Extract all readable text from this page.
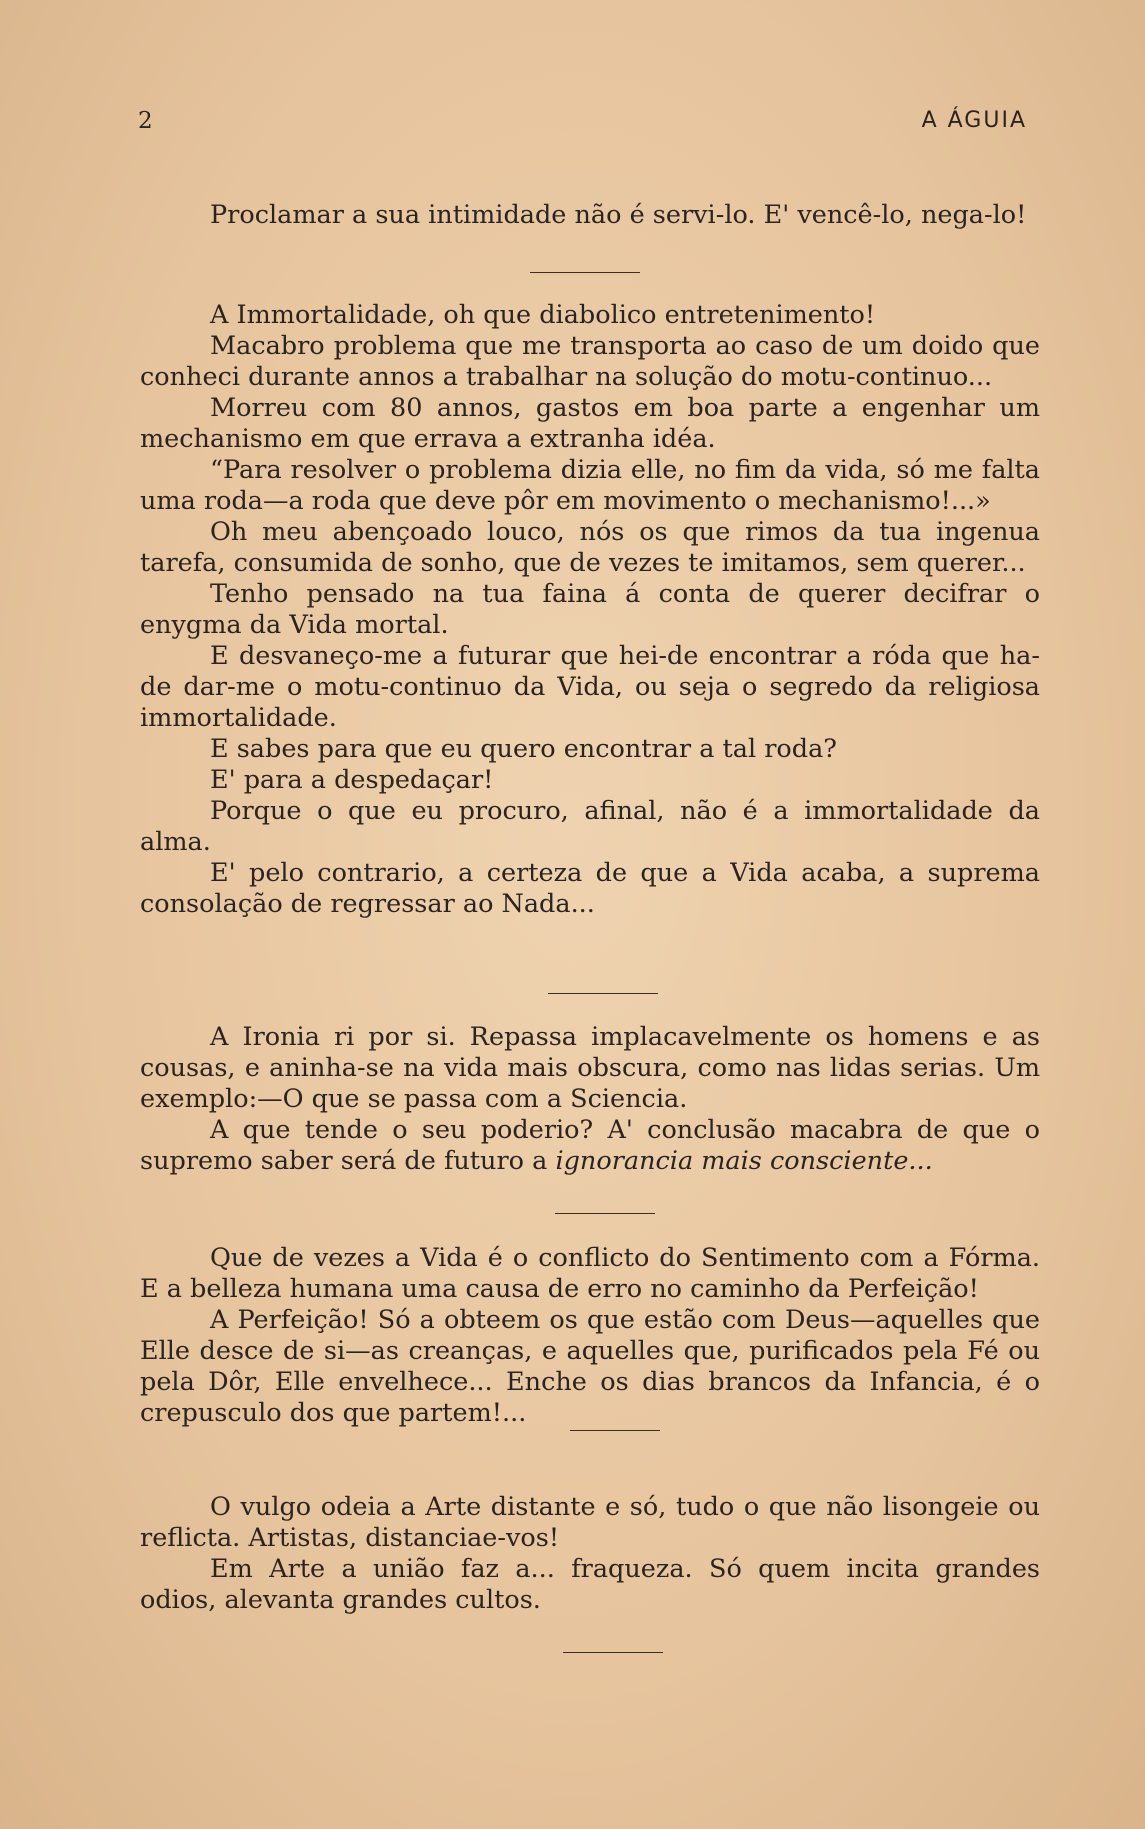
2	A ÁGUIA

Proclamar a sua intimidade não é servi-lo. E' vencê-lo, nega-lo!

A Immortalidade, oh que diabolico entretenimento!

Macabro problema que me transporta ao caso de um doido que conheci durante annos a trabalhar na solução do motu-continuo...

Morreu com 80 annos, gastos em boa parte a engenhar um mechanismo em que errava a extranha idéa.

“Para resolver o problema dizia elle, no fim da vida, só me falta uma roda—a roda que deve pôr em movimento o mechanismo!...»

Oh meu abençoado louco, nós os que rimos da tua ingenua tarefa, consumida de sonho, que de vezes te imitamos, sem querer...

Tenho pensado na tua faina á conta de querer decifrar o enygma da Vida mortal.

E desvaneço-me a futurar que hei-de encontrar a róda que ha-de dar-me o motu-continuo da Vida, ou seja o segredo da religiosa immortalidade.

E sabes para que eu quero encontrar a tal roda?

E' para a despedaçar!

Porque o que eu procuro, afinal, não é a immortalidade da alma.

E' pelo contrario, a certeza de que a Vida acaba, a suprema consolação de regressar ao Nada...

A Ironia ri por si. Repassa implacavelmente os homens e as cousas, e aninha-se na vida mais obscura, como nas lidas serias. Um exemplo:—O que se passa com a Sciencia.

A que tende o seu poderio? A' conclusão macabra de que o supremo saber será de futuro a ignorancia mais consciente...

Que de vezes a Vida é o conflicto do Sentimento com a Fórma. E a belleza humana uma causa de erro no caminho da Perfeição!

A Perfeição! Só a obteem os que estão com Deus—aquelles que Elle desce de si—as creanças, e aquelles que, purificados pela Fé ou pela Dôr, Elle envelhece... Enche os dias brancos da Infancia, é o crepusculo dos que partem!...

O vulgo odeia a Arte distante e só, tudo o que não lisongeie ou reflicta. Artistas, distanciae-vos!

Em Arte a união faz a... fraqueza. Só quem incita grandes odios, alevanta grandes cultos.
